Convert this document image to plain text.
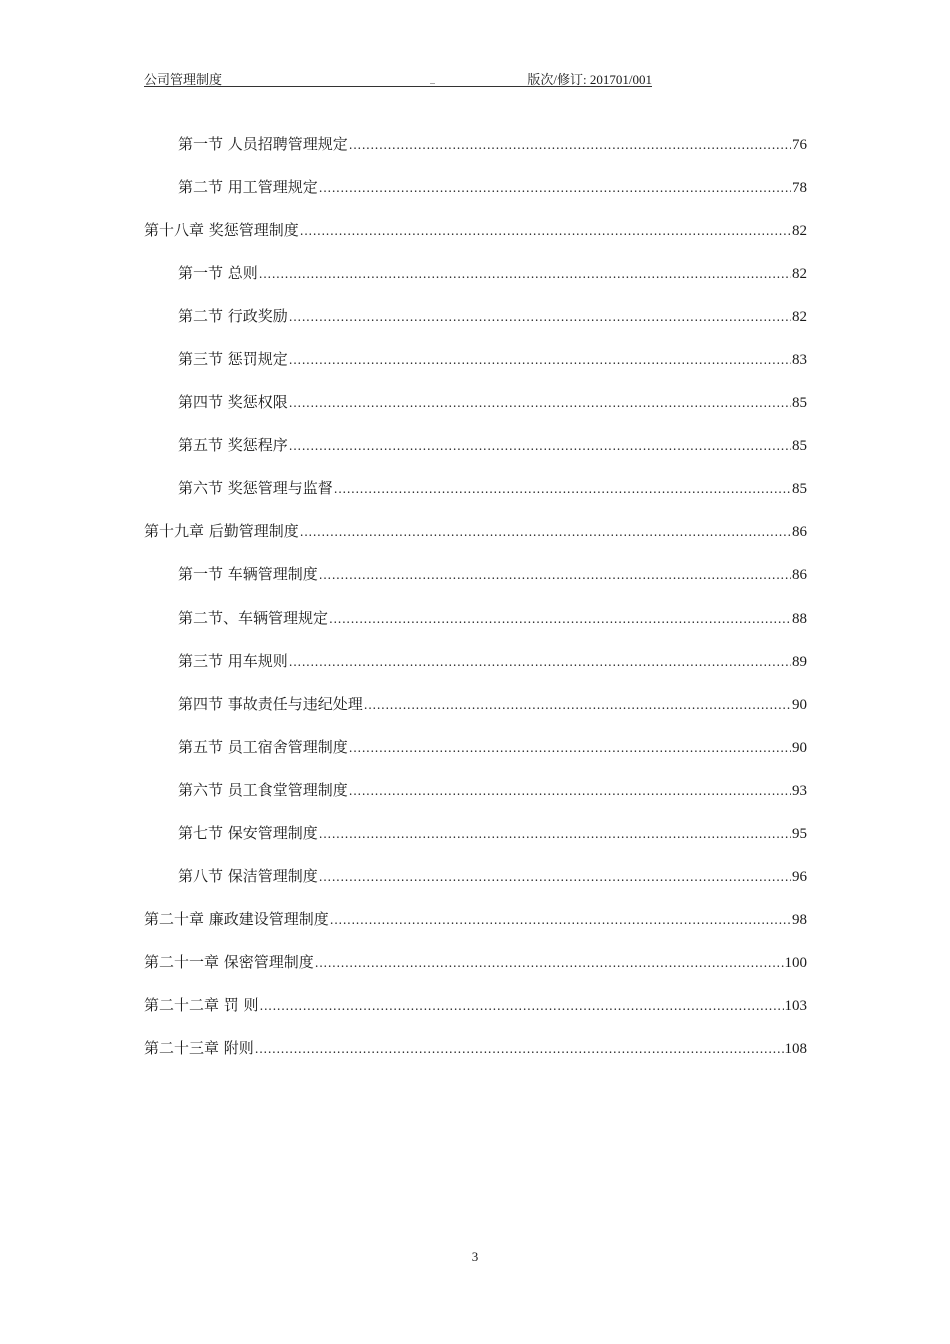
公司管理制度	_	版次/修订: 201701/001
第一节 人员招聘管理规定 .....	76
第二节 用工管理规定 .....	78
第十八章 奖惩管理制度 .....	82
第一节 总则 .....	82
第二节 行政奖励 .....	82
第三节 惩罚规定 .....	83
第四节 奖惩权限 .....	85
第五节 奖惩程序 .....	85
第六节 奖惩管理与监督 .....	85
第十九章 后勤管理制度 .....	86
第一节 车辆管理制度 .....	86
第二节、车辆管理规定 .....	88
第三节 用车规则 .....	89
第四节 事故责任与违纪处理 .....	90
第五节 员工宿舍管理制度 .....	90
第六节 员工食堂管理制度 .....	93
第七节 保安管理制度 .....	95
第八节 保洁管理制度 .....	96
第二十章 廉政建设管理制度 .....	98
第二十一章 保密管理制度 .....	100
第二十二章 罚 则 .....	103
第二十三章 附则 .....	108
3
